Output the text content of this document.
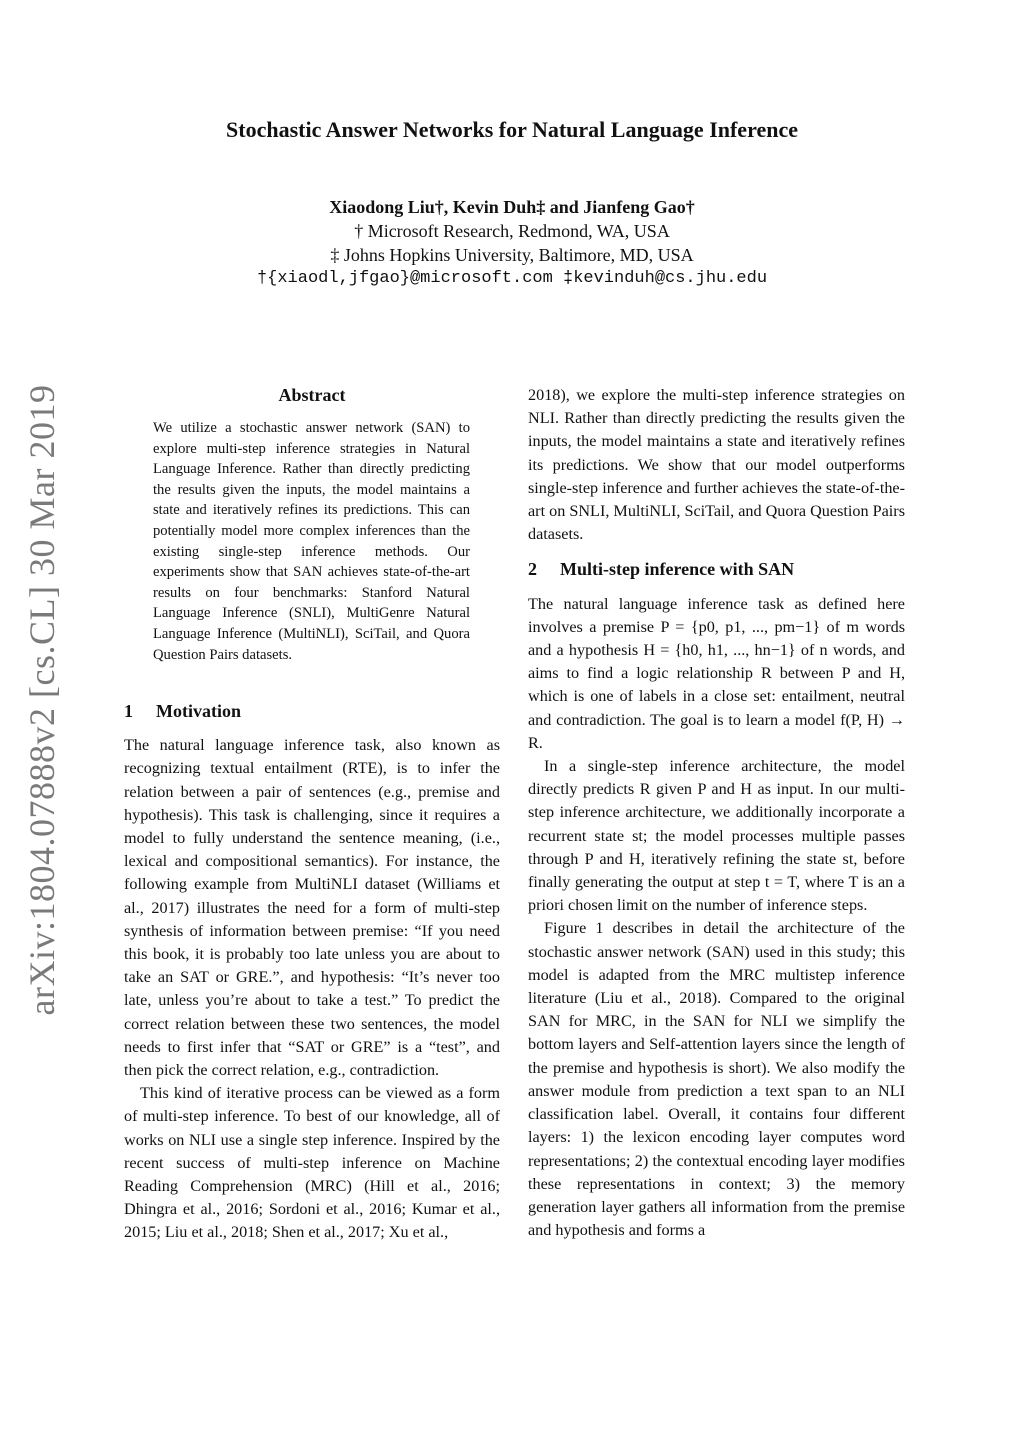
arXiv:1804.07888v2 [cs.CL] 30 Mar 2019
Stochastic Answer Networks for Natural Language Inference
Xiaodong Liu†, Kevin Duh‡ and Jianfeng Gao†
† Microsoft Research, Redmond, WA, USA
‡ Johns Hopkins University, Baltimore, MD, USA
†{xiaodl,jfgao}@microsoft.com ‡kevinduh@cs.jhu.edu
Abstract

We utilize a stochastic answer network (SAN) to explore multi-step inference strategies in Natural Language Inference. Rather than directly predicting the results given the inputs, the model maintains a state and iteratively refines its predictions. This can potentially model more complex inferences than the existing single-step inference methods. Our experiments show that SAN achieves state-of-the-art results on four benchmarks: Stanford Natural Language Inference (SNLI), MultiGenre Natural Language Inference (MultiNLI), SciTail, and Quora Question Pairs datasets.

1 Motivation

The natural language inference task, also known as recognizing textual entailment (RTE), is to infer the relation between a pair of sentences (e.g., premise and hypothesis). This task is challenging, since it requires a model to fully understand the sentence meaning, (i.e., lexical and compositional semantics). For instance, the following example from MultiNLI dataset (Williams et al., 2017) illustrates the need for a form of multi-step synthesis of information between premise: “If you need this book, it is probably too late unless you are about to take an SAT or GRE.”, and hypothesis: “It’s never too late, unless you’re about to take a test.” To predict the correct relation between these two sentences, the model needs to first infer that “SAT or GRE” is a “test”, and then pick the correct relation, e.g., contradiction.

This kind of iterative process can be viewed as a form of multi-step inference. To best of our knowledge, all of works on NLI use a single step inference. Inspired by the recent success of multi-step inference on Machine Reading Comprehension (MRC) (Hill et al., 2016; Dhingra et al., 2016; Sordoni et al., 2016; Kumar et al., 2015; Liu et al., 2018; Shen et al., 2017; Xu et al.,

2018), we explore the multi-step inference strategies on NLI. Rather than directly predicting the results given the inputs, the model maintains a state and iteratively refines its predictions. We show that our model outperforms single-step inference and further achieves the state-of-the-art on SNLI, MultiNLI, SciTail, and Quora Question Pairs datasets.

2 Multi-step inference with SAN

The natural language inference task as defined here involves a premise P = {p0, p1, ..., pm−1} of m words and a hypothesis H = {h0, h1, ..., hn−1} of n words, and aims to find a logic relationship R between P and H, which is one of labels in a close set: entailment, neutral and contradiction. The goal is to learn a model f(P, H) → R.

In a single-step inference architecture, the model directly predicts R given P and H as input. In our multi-step inference architecture, we additionally incorporate a recurrent state st; the model processes multiple passes through P and H, iteratively refining the state st, before finally generating the output at step t = T, where T is an a priori chosen limit on the number of inference steps.

Figure 1 describes in detail the architecture of the stochastic answer network (SAN) used in this study; this model is adapted from the MRC multistep inference literature (Liu et al., 2018). Compared to the original SAN for MRC, in the SAN for NLI we simplify the bottom layers and Self-attention layers since the length of the premise and hypothesis is short). We also modify the answer module from prediction a text span to an NLI classification label. Overall, it contains four different layers: 1) the lexicon encoding layer computes word representations; 2) the contextual encoding layer modifies these representations in context; 3) the memory generation layer gathers all information from the premise and hypothesis and forms a
